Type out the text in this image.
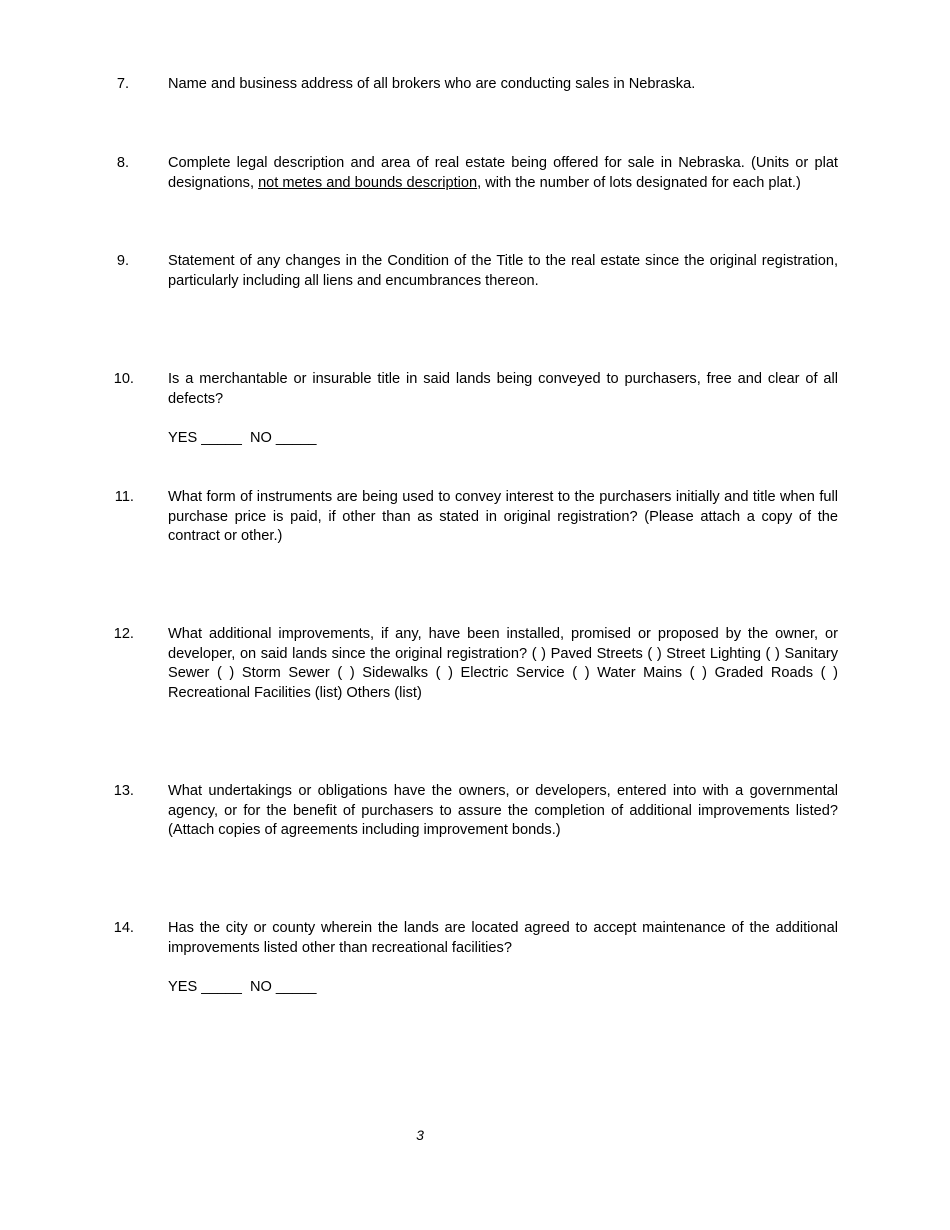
7.	Name and business address of all brokers who are conducting sales in Nebraska.
8.	Complete legal description and area of real estate being offered for sale in Nebraska. (Units or plat designations, not metes and bounds description, with the number of lots designated for each plat.)
9.	Statement of any changes in the Condition of the Title to the real estate since the original registration, particularly including all liens and encumbrances thereon.
10. Is a merchantable or insurable title in said lands being conveyed to purchasers, free and clear of all defects?
YES _____  NO _____
11. What form of instruments are being used to convey interest to the purchasers initially and title when full purchase price is paid, if other than as stated in original registration? (Please attach a copy of the contract or other.)
12. What additional improvements, if any, have been installed, promised or proposed by the owner, or developer, on said lands since the original registration? ( ) Paved Streets ( ) Street Lighting ( ) Sanitary Sewer ( ) Storm Sewer ( ) Sidewalks ( ) Electric Service ( ) Water Mains ( ) Graded Roads ( ) Recreational Facilities (list) Others (list)
13. What undertakings or obligations have the owners, or developers, entered into with a governmental agency, or for the benefit of purchasers to assure the completion of additional improvements listed? (Attach copies of agreements including improvement bonds.)
14. Has the city or county wherein the lands are located agreed to accept maintenance of the additional improvements listed other than recreational facilities?
YES _____  NO _____
3
